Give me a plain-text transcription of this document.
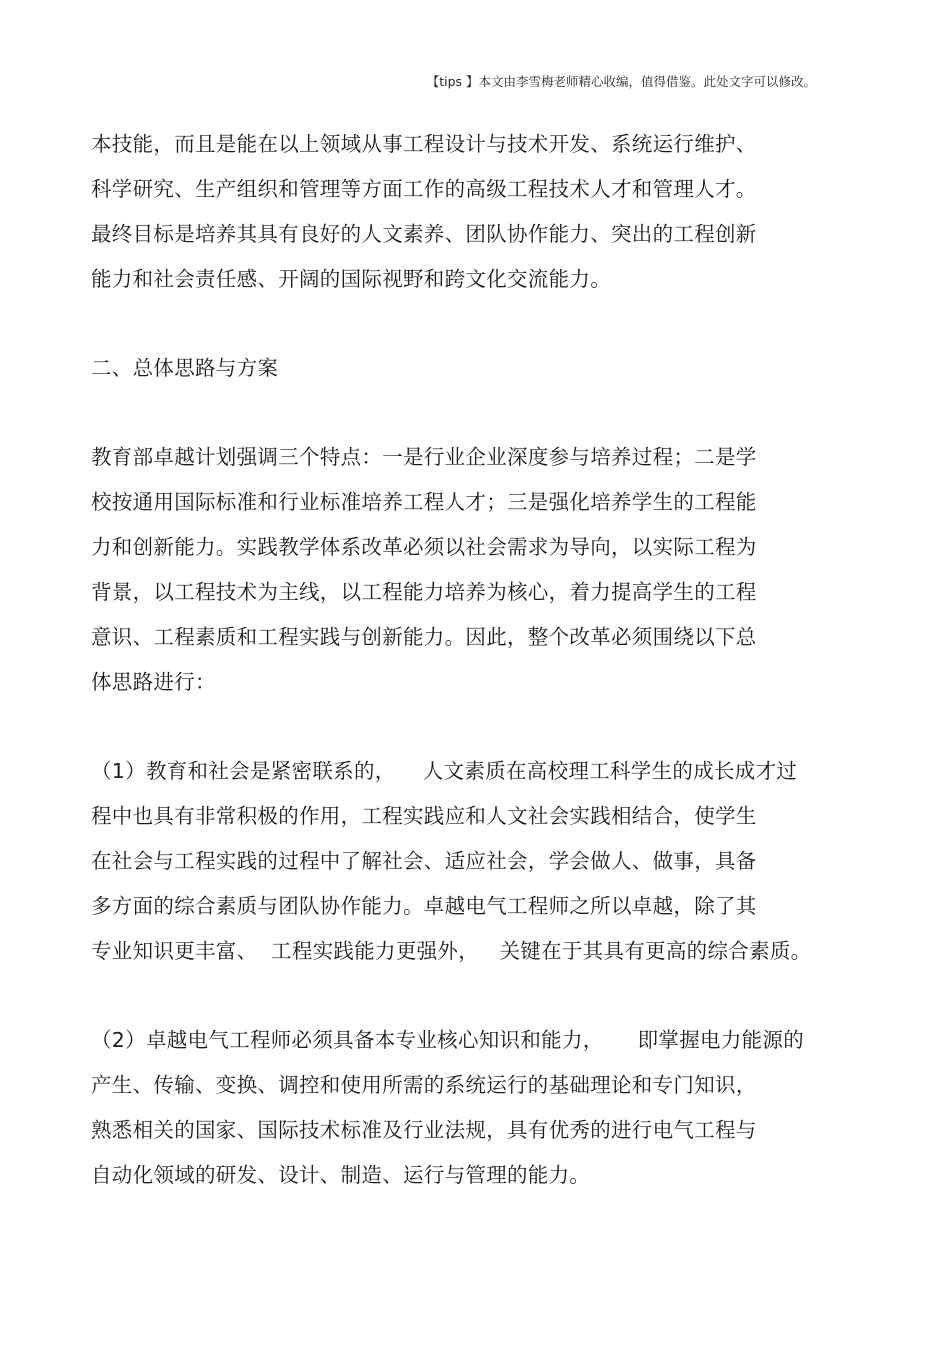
【tips 】本文由李雪梅老师精心收编，值得借鉴。此处文字可以修改。
本技能，而且是能在以上领域从事工程设计与技术开发、系统运行维护、
科学研究、生产组织和管理等方面工作的高级工程技术人才和管理人才。
最终目标是培养其具有良好的人文素养、团队协作能力、突出的工程创新
能力和社会责任感、开阔的国际视野和跨文化交流能力。
二、总体思路与方案
教育部卓越计划强调三个特点：一是行业企业深度参与培养过程；二是学
校按通用国际标准和行业标准培养工程人才；三是强化培养学生的工程能
力和创新能力。实践教学体系改革必须以社会需求为导向，以实际工程为
背景，以工程技术为主线，以工程能力培养为核心，着力提高学生的工程
意识、工程素质和工程实践与创新能力。因此，整个改革必须围绕以下总
体思路进行：
（1）教育和社会是紧密联系的，    人文素质在高校理工科学生的成长成才过
程中也具有非常积极的作用，工程实践应和人文社会实践相结合，使学生
在社会与工程实践的过程中了解社会、适应社会，学会做人、做事，具备
多方面的综合素质与团队协作能力。卓越电气工程师之所以卓越，除了其
专业知识更丰富、  工程实践能力更强外，   关键在于其具有更高的综合素质。
（2）卓越电气工程师必须具备本专业核心知识和能力，     即掌握电力能源的
产生、传输、变换、调控和使用所需的系统运行的基础理论和专门知识，
熟悉相关的国家、国际技术标准及行业法规，具有优秀的进行电气工程与
自动化领域的研发、设计、制造、运行与管理的能力。
